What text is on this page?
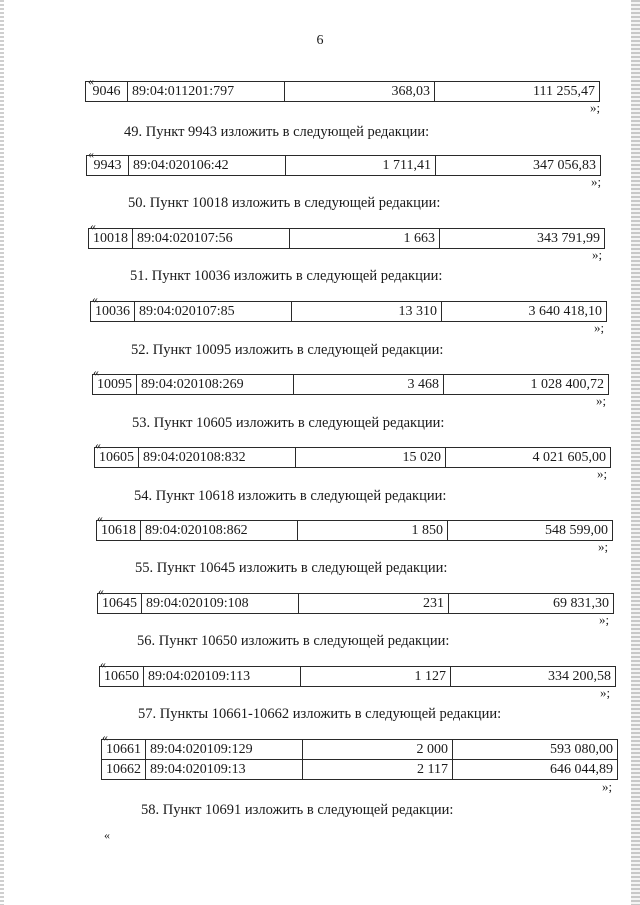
6
«
9046	89:04:011201:797	368,03	111 255,47
»;
49. Пункт 9943 изложить в следующей редакции:
«
9943	89:04:020106:42	1 711,41	347 056,83
»;
50. Пункт 10018 изложить в следующей редакции:
«
10018	89:04:020107:56	1 663	343 791,99
»;
51. Пункт 10036 изложить в следующей редакции:
«
10036	89:04:020107:85	13 310	3 640 418,10
»;
52. Пункт 10095 изложить в следующей редакции:
«
10095	89:04:020108:269	3 468	1 028 400,72
»;
53. Пункт 10605 изложить в следующей редакции:
«
10605	89:04:020108:832	15 020	4 021 605,00
»;
54. Пункт 10618 изложить в следующей редакции:
«
10618	89:04:020108:862	1 850	548 599,00
»;
55. Пункт 10645 изложить в следующей редакции:
«
10645	89:04:020109:108	231	69 831,30
»;
56. Пункт 10650 изложить в следующей редакции:
«
10650	89:04:020109:113	1 127	334 200,58
»;
57. Пункты 10661-10662 изложить в следующей редакции:
«
10661	89:04:020109:129	2 000	593 080,00
10662	89:04:020109:13	2 117	646 044,89
»;
58. Пункт 10691 изложить в следующей редакции:
«
